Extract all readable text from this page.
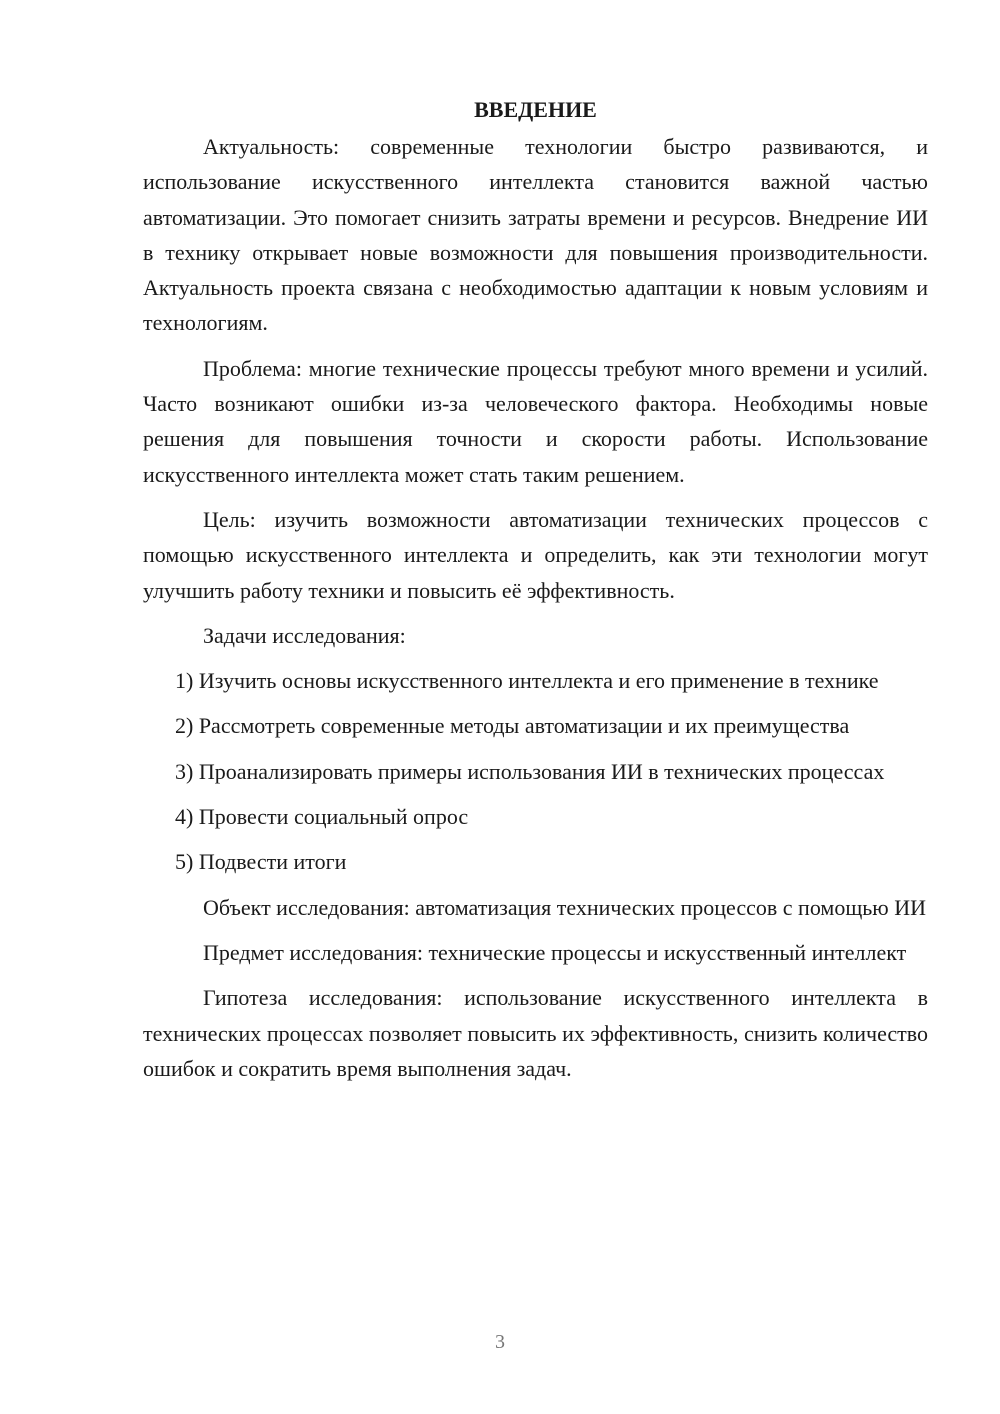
ВВЕДЕНИЕ

Актуальность: современные технологии быстро развиваются, и использование искусственного интеллекта становится важной частью автоматизации. Это помогает снизить затраты времени и ресурсов. Внедрение ИИ в технику открывает новые возможности для повышения производительности. Актуальность проекта связана с необходимостью адаптации к новым условиям и технологиям.

Проблема: многие технические процессы требуют много времени и усилий. Часто возникают ошибки из-за человеческого фактора. Необходимы новые решения для повышения точности и скорости работы. Использование искусственного интеллекта может стать таким решением.

Цель: изучить возможности автоматизации технических процессов с помощью искусственного интеллекта и определить, как эти технологии могут улучшить работу техники и повысить её эффективность.

Задачи исследования:

1) Изучить основы искусственного интеллекта и его применение в технике

2) Рассмотреть современные методы автоматизации и их преимущества

3) Проанализировать примеры использования ИИ в технических процессах

4) Провести социальный опрос

5) Подвести итоги

Объект исследования: автоматизация технических процессов с помощью ИИ

Предмет исследования: технические процессы и искусственный интеллект

Гипотеза исследования: использование искусственного интеллекта в технических процессах позволяет повысить их эффективность, снизить количество ошибок и сократить время выполнения задач.

3
